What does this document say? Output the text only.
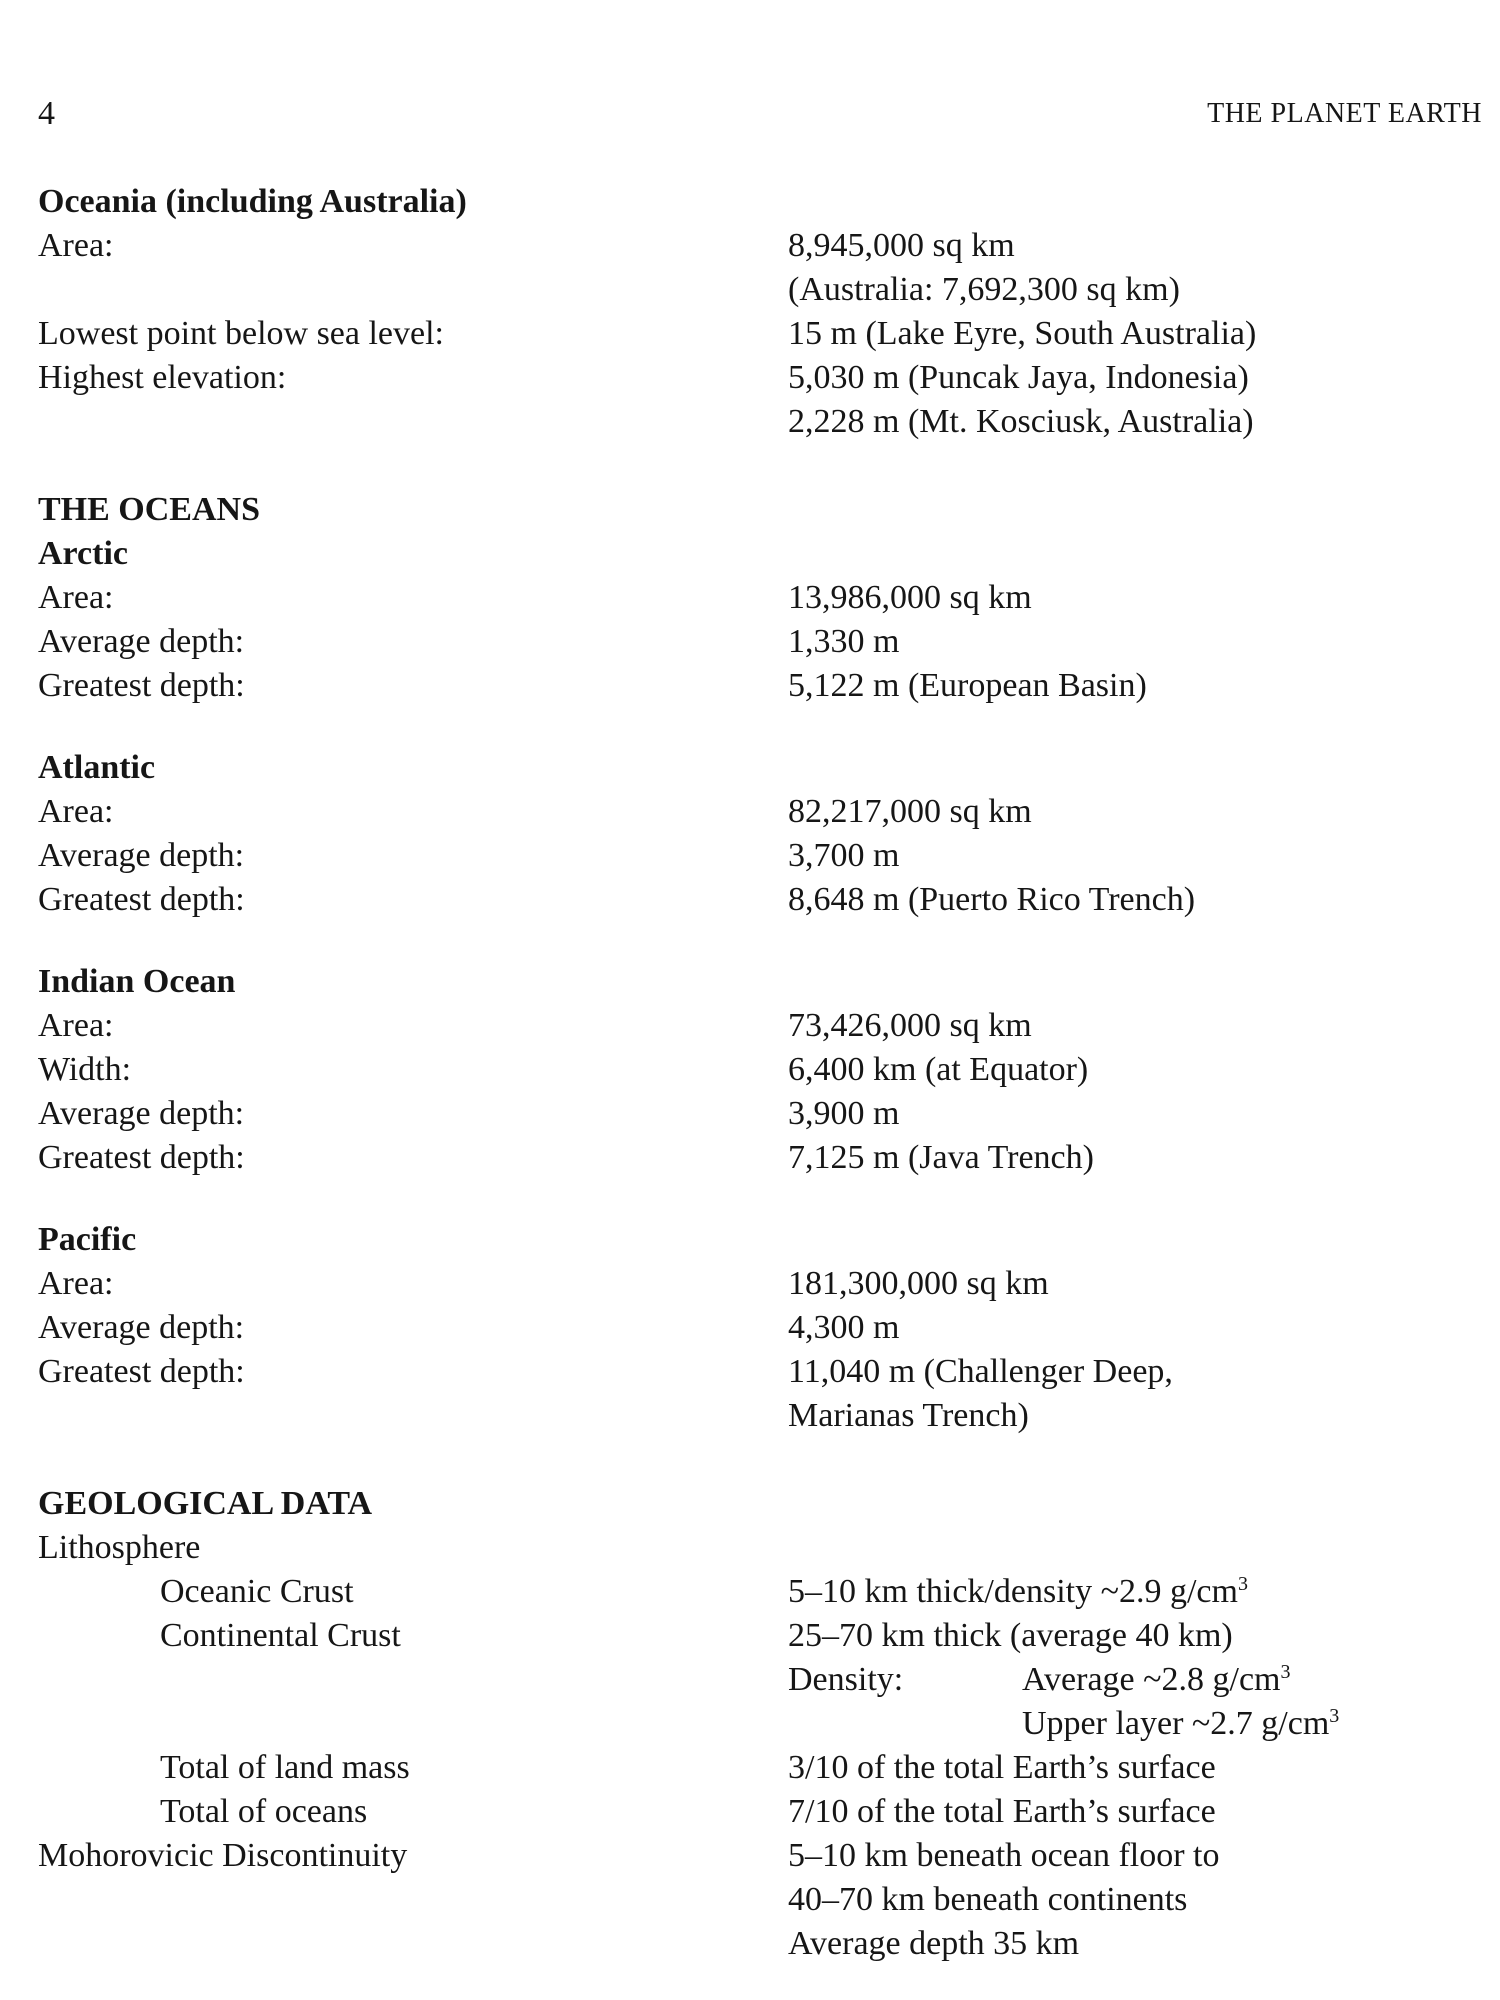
4	THE PLANET EARTH
Oceania (including Australia)
Area:	8,945,000 sq km
(Australia: 7,692,300 sq km)
Lowest point below sea level:	15 m (Lake Eyre, South Australia)
Highest elevation:	5,030 m (Puncak Jaya, Indonesia)
2,228 m (Mt. Kosciusk, Australia)
THE OCEANS
Arctic
Area:	13,986,000 sq km
Average depth:	1,330 m
Greatest depth:	5,122 m (European Basin)
Atlantic
Area:	82,217,000 sq km
Average depth:	3,700 m
Greatest depth:	8,648 m (Puerto Rico Trench)
Indian Ocean
Area:	73,426,000 sq km
Width:	6,400 km (at Equator)
Average depth:	3,900 m
Greatest depth:	7,125 m (Java Trench)
Pacific
Area:	181,300,000 sq km
Average depth:	4,300 m
Greatest depth:	11,040 m (Challenger Deep,
Marianas Trench)
GEOLOGICAL DATA
Lithosphere
Oceanic Crust	5–10 km thick/density ~2.9 $g/cm^3$
Continental Crust	25–70 km thick (average 40 km)
Density:	Average ~2.8 $g/cm^3$
Upper layer ~2.7 $g/cm^3$
Total of land mass	3/10 of the total Earth’s surface
Total of oceans	7/10 of the total Earth’s surface
Mohorovicic Discontinuity	5–10 km beneath ocean floor to
40–70 km beneath continents
Average depth 35 km
